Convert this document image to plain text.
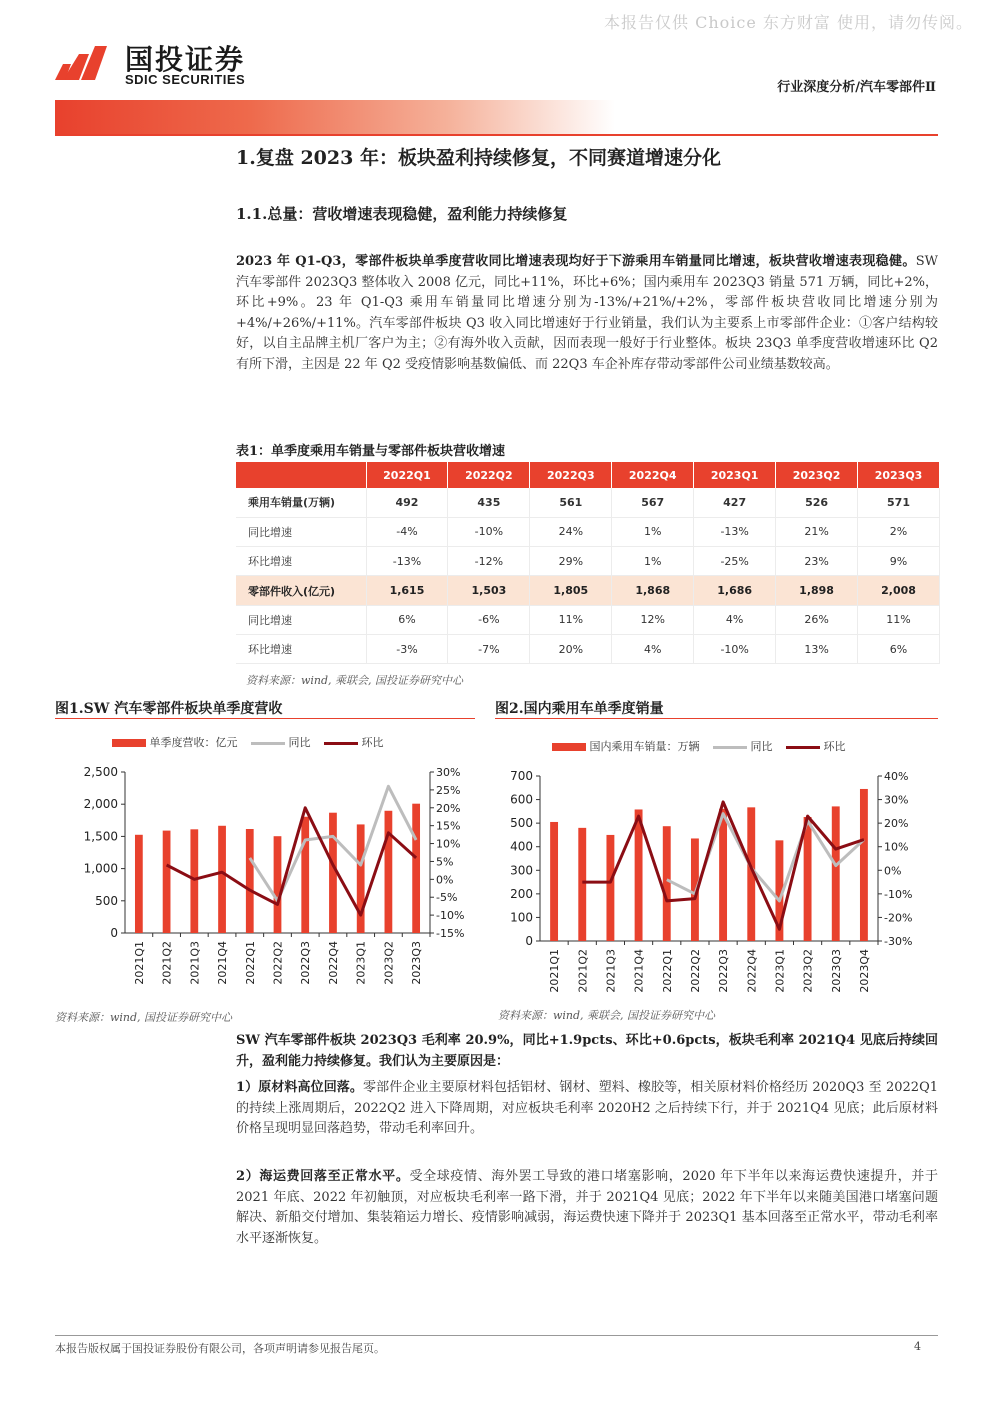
本报告仅供 Choice 东方财富 使用，请勿传阅。
国投证券
SDIC SECURITIES
行业深度分析/汽车零部件Ⅱ
1.复盘 2023 年：板块盈利持续修复，不同赛道增速分化
1.1.总量：营收增速表现稳健，盈利能力持续修复
2023 年 Q1-Q3，零部件板块单季度营收同比增速表现均好于下游乘用车销量同比增速，板块营收增速表现稳健。SW 汽车零部件 2023Q3 整体收入 2008 亿元，同比+11%，环比+6%；国内乘用车 2023Q3 销量 571 万辆，同比+2%，环比+9%。23 年 Q1-Q3 乘用车销量同比增速分别为-13%/+21%/+2%，零部件板块营收同比增速分别为+4%/+26%/+11%。汽车零部件板块 Q3 收入同比增速好于行业销量，我们认为主要系上市零部件企业：①客户结构较好，以自主品牌主机厂客户为主；②有海外收入贡献，因而表现一般好于行业整体。板块 23Q3 单季度营收增速环比 Q2 有所下滑，主因是 22 年 Q2 受疫情影响基数偏低、而 22Q3 车企补库存带动零部件公司业绩基数较高。
表1：单季度乘用车销量与零部件板块营收增速
	2022Q1	2022Q2	2022Q3	2022Q4	2023Q1	2023Q2	2023Q3
乘用车销量(万辆)	492	435	561	567	427	526	571
同比增速	-4%	-10%	24%	1%	-13%	21%	2%
环比增速	-13%	-12%	29%	1%	-25%	23%	9%
零部件收入(亿元)	1,615	1,503	1,805	1,868	1,686	1,898	2,008
同比增速	6%	-6%	11%	12%	4%	26%	11%
环比增速	-3%	-7%	20%	4%	-10%	13%	6%
资料来源：wind, 乘联会, 国投证券研究中心
图1.SW 汽车零部件板块单季度营收
单季度营收：亿元	同比	环比
0
500
1,000
1,500
2,000
2,500
-15%
-10%
-5%
0%
5%
10%
15%
20%
25%
30%
2021Q1 2021Q2 2021Q3 2021Q4 2022Q1 2022Q2 2022Q3 2022Q4 2023Q1 2023Q2 2023Q3
资料来源：wind, 国投证券研究中心
图2.国内乘用车单季度销量
国内乘用车销量：万辆	同比	环比
0
100
200
300
400
500
600
700
-30%
-20%
-10%
0%
10%
20%
30%
40%
2021Q1 2021Q2 2021Q3 2021Q4 2022Q1 2022Q2 2022Q3 2022Q4 2023Q1 2023Q2 2023Q3 2023Q4
资料来源：wind, 乘联会, 国投证券研究中心
SW 汽车零部件板块 2023Q3 毛利率 20.9%，同比+1.9pcts、环比+0.6pcts，板块毛利率 2021Q4 见底后持续回升，盈利能力持续修复。我们认为主要原因是：
1）原材料高位回落。零部件企业主要原材料包括铝材、钢材、塑料、橡胶等，相关原材料价格经历 2020Q3 至 2022Q1 的持续上涨周期后，2022Q2 进入下降周期，对应板块毛利率 2020H2 之后持续下行，并于 2021Q4 见底；此后原材料价格呈现明显回落趋势，带动毛利率回升。
2）海运费回落至正常水平。受全球疫情、海外罢工导致的港口堵塞影响，2020 年下半年以来海运费快速提升，并于 2021 年底、2022 年初触顶，对应板块毛利率一路下滑，并于 2021Q4 见底；2022 年下半年以来随美国港口堵塞问题解决、新船交付增加、集装箱运力增长、疫情影响减弱，海运费快速下降并于 2023Q1 基本回落至正常水平，带动毛利率水平逐渐恢复。
本报告版权属于国投证券股份有限公司，各项声明请参见报告尾页。	4
